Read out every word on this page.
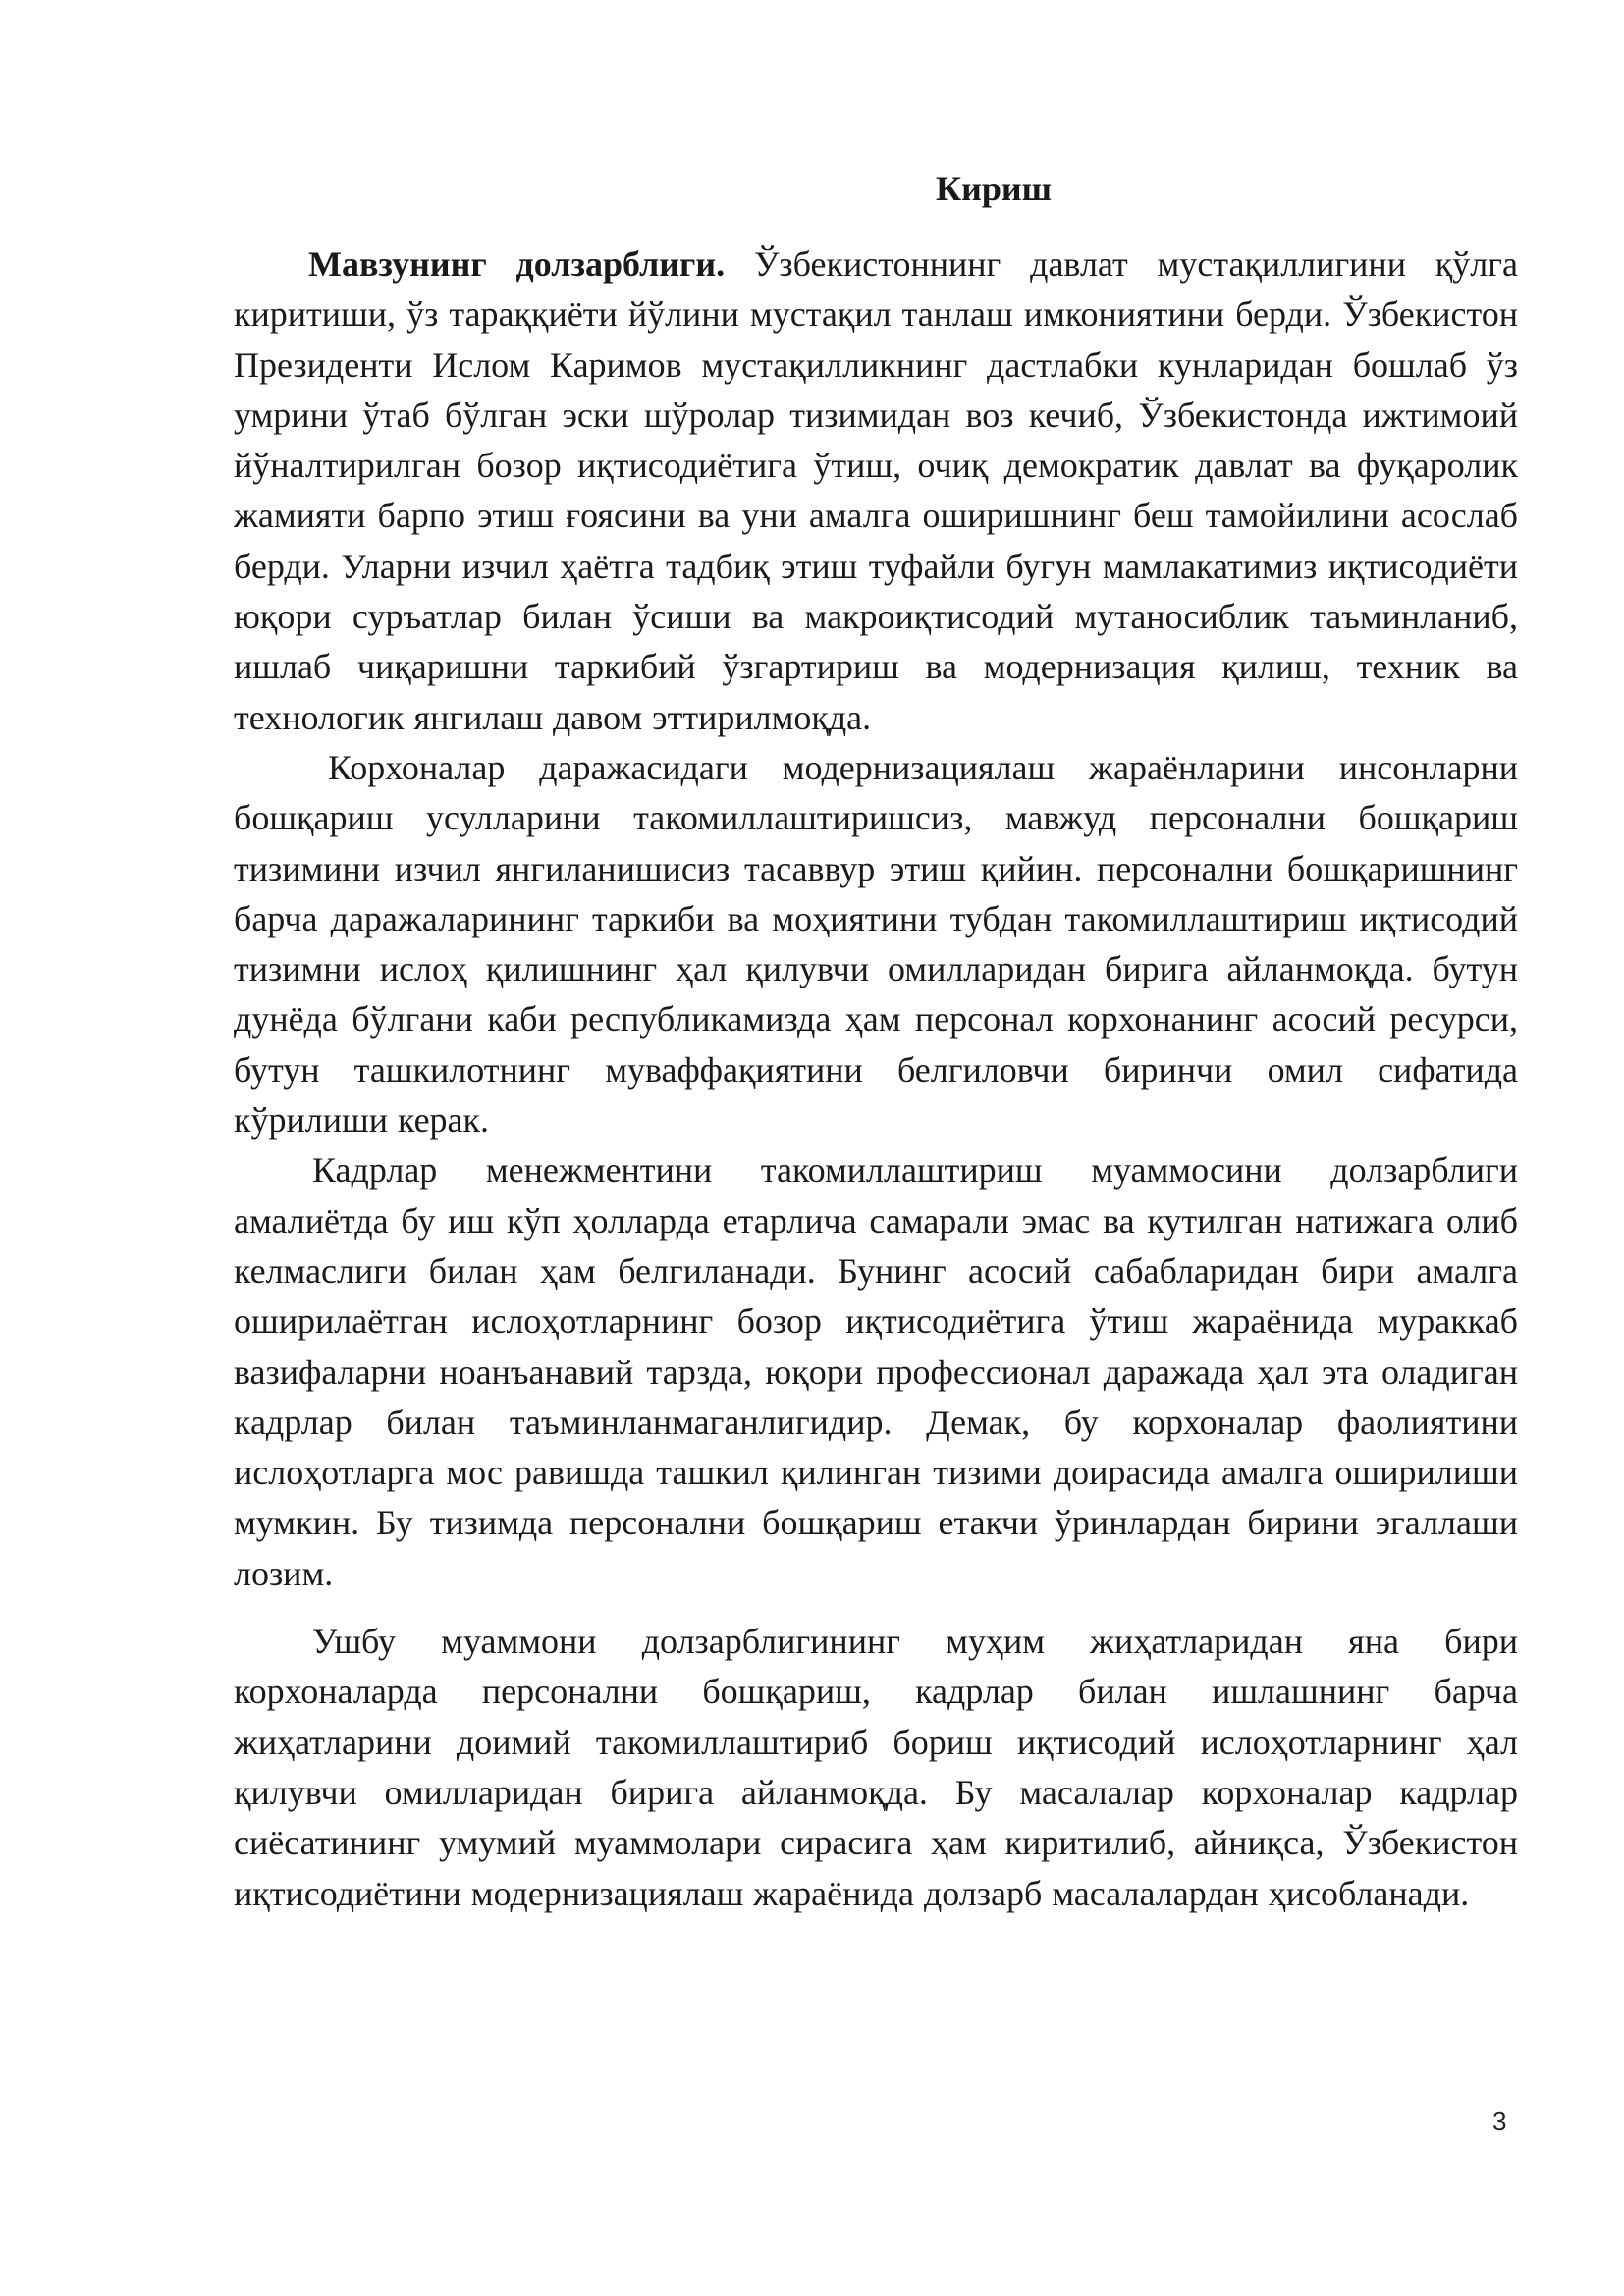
Кириш

Мавзунинг долзарблиги. Ўзбекистоннинг давлат мустақиллигини қўлга киритиши, ўз тараққиёти йўлини мустақил танлаш имкониятини берди. Ўзбекистон Президенти Ислом Каримов мустақилликнинг дастлабки кунларидан бошлаб ўз умрини ўтаб бўлган эски шўролар тизимидан воз кечиб, Ўзбекистонда ижтимоий йўналтирилган бозор иқтисодиётига ўтиш, очиқ демократик давлат ва фуқаролик жамияти барпо этиш ғоясини ва уни амалга оширишнинг беш тамойилини асослаб берди. Уларни изчил ҳаётга тадбиқ этиш туфайли бугун мамлакатимиз иқтисодиёти юқори суръатлар билан ўсиши ва макроиқтисодий мутаносиблик таъминланиб, ишлаб чиқаришни таркибий ўзгартириш ва модернизация қилиш, техник ва технологик янгилаш давом эттирилмоқда.

Корхоналар даражасидаги модернизациялаш жараёнларини инсонларни бошқариш усулларини такомиллаштиришсиз, мавжуд персонални бошқариш тизимини изчил янгиланишисиз тасаввур этиш қийин. персонални бошқаришнинг барча даражаларининг таркиби ва моҳиятини тубдан такомиллаштириш иқтисодий тизимни ислоҳ қилишнинг ҳал қилувчи омилларидан бирига айланмоқда. бутун дунёда бўлгани каби республикамизда ҳам персонал корхонанинг асосий ресурси, бутун ташкилотнинг муваффақиятини белгиловчи биринчи омил сифатида кўрилиши керак.

Кадрлар менежментини такомиллаштириш муаммосини долзарблиги амалиётда бу иш кўп ҳолларда етарлича самарали эмас ва кутилган натижага олиб келмаслиги билан ҳам белгиланади. Бунинг асосий сабабларидан бири амалга оширилаётган ислоҳотларнинг бозор иқтисодиётига ўтиш жараёнида мураккаб вазифаларни ноанъанавий тарзда, юқори профессионал даражада ҳал эта оладиган кадрлар билан таъминланмаганлигидир. Демак, бу корхоналар фаолиятини ислоҳотларга мос равишда ташкил қилинган тизими доирасида амалга оширилиши мумкин. Бу тизимда персонални бошқариш етакчи ўринлардан бирини эгаллаши лозим.

Ушбу муаммони долзарблигининг муҳим жиҳатларидан яна бири корхоналарда персонални бошқариш, кадрлар билан ишлашнинг барча жиҳатларини доимий такомиллаштириб бориш иқтисодий ислоҳотларнинг ҳал қилувчи омилларидан бирига айланмоқда. Бу масалалар корхоналар кадрлар сиёсатининг умумий муаммолари сирасига ҳам киритилиб, айниқса, Ўзбекистон иқтисодиётини модернизациялаш жараёнида долзарб масалалардан ҳисобланади.

3
